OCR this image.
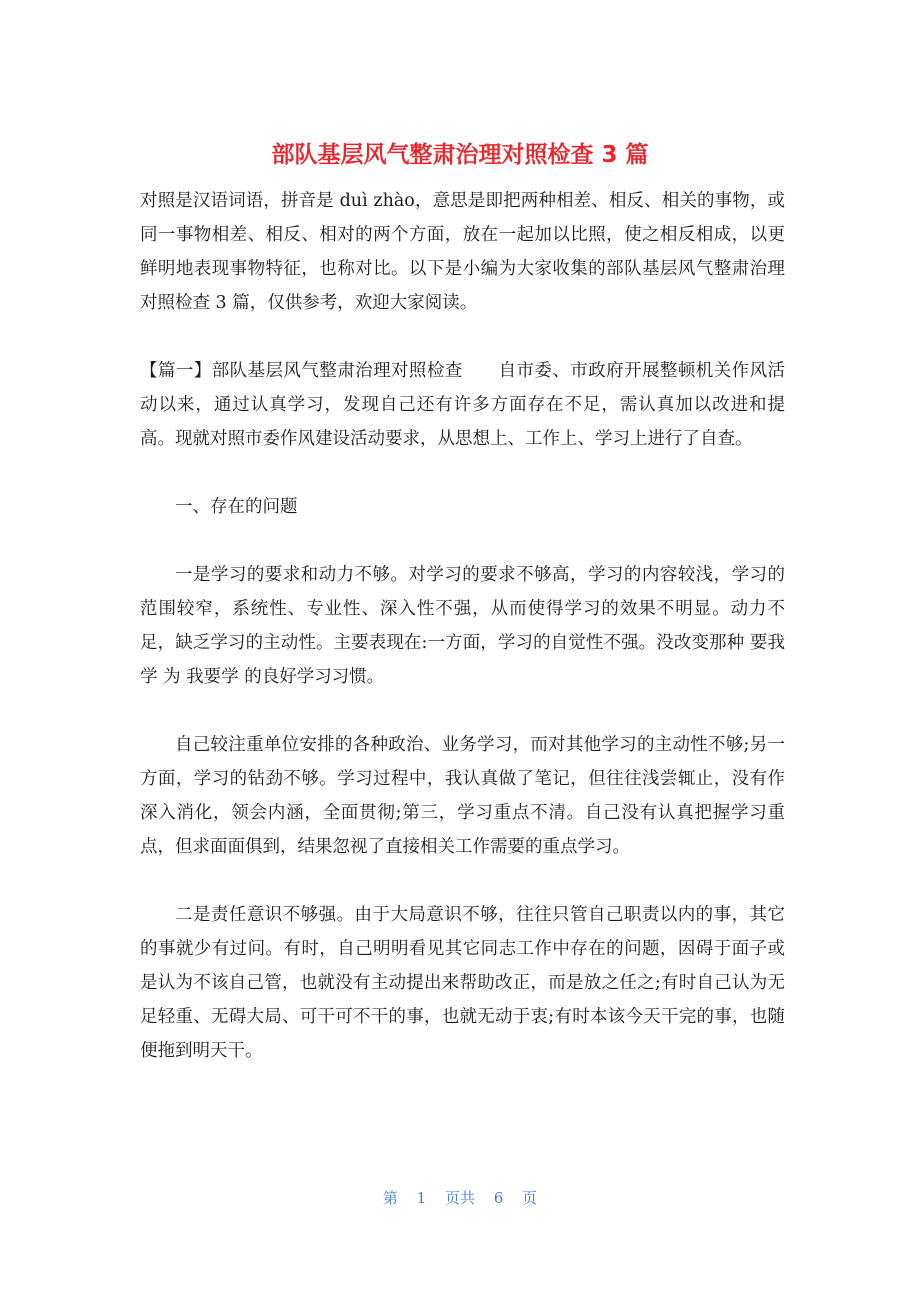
部队基层风气整肃治理对照检查 3 篇

对照是汉语词语，拼音是 duì zhào，意思是即把两种相差、相反、相关的事物，或同一事物相差、相反、相对的两个方面，放在一起加以比照，使之相反相成，以更鲜明地表现事物特征，也称对比。以下是小编为大家收集的部队基层风气整肃治理对照检查 3 篇，仅供参考，欢迎大家阅读。

【篇一】部队基层风气整肃治理对照检查　　自市委、市政府开展整顿机关作风活动以来，通过认真学习，发现自己还有许多方面存在不足，需认真加以改进和提高。现就对照市委作风建设活动要求，从思想上、工作上、学习上进行了自查。

一、存在的问题

一是学习的要求和动力不够。对学习的要求不够高，学习的内容较浅，学习的范围较窄，系统性、专业性、深入性不强，从而使得学习的效果不明显。动力不足，缺乏学习的主动性。主要表现在:一方面，学习的自觉性不强。没改变那种 要我学 为 我要学 的良好学习习惯。

自己较注重单位安排的各种政治、业务学习，而对其他学习的主动性不够;另一方面，学习的钻劲不够。学习过程中，我认真做了笔记，但往往浅尝辄止，没有作深入消化，领会内涵，全面贯彻;第三，学习重点不清。自己没有认真把握学习重点，但求面面俱到，结果忽视了直接相关工作需要的重点学习。

二是责任意识不够强。由于大局意识不够，往往只管自己职责以内的事，其它的事就少有过问。有时，自己明明看见其它同志工作中存在的问题，因碍于面子或是认为不该自己管，也就没有主动提出来帮助改正，而是放之任之;有时自己认为无足轻重、无碍大局、可干可不干的事，也就无动于衷;有时本该今天干完的事，也随便拖到明天干。

第 1 页共 6 页
